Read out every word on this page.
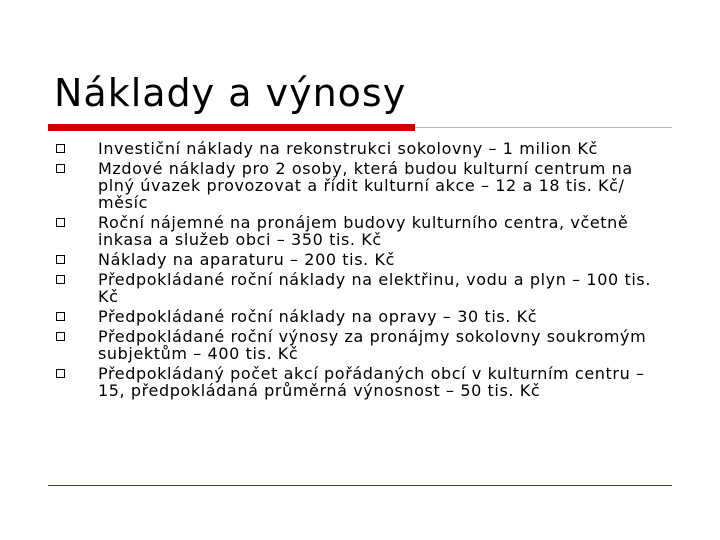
Náklady a výnosy
Investiční náklady na rekonstrukci sokolovny – 1 milion Kč
Mzdové náklady pro 2 osoby, která budou kulturní centrum na plný úvazek provozovat a řídit kulturní akce – 12 a 18 tis. Kč/ měsíc
Roční nájemné na pronájem budovy kulturního centra, včetně inkasa a služeb obci – 350 tis. Kč
Náklady na aparaturu – 200 tis. Kč
Předpokládané roční náklady na elektřinu, vodu a plyn – 100 tis. Kč
Předpokládané roční náklady na opravy – 30 tis. Kč
Předpokládané roční výnosy za pronájmy sokolovny soukromým subjektům – 400 tis. Kč
Předpokládaný počet akcí pořádaných obcí v kulturním centru – 15, předpokládaná průměrná výnosnost – 50 tis. Kč
